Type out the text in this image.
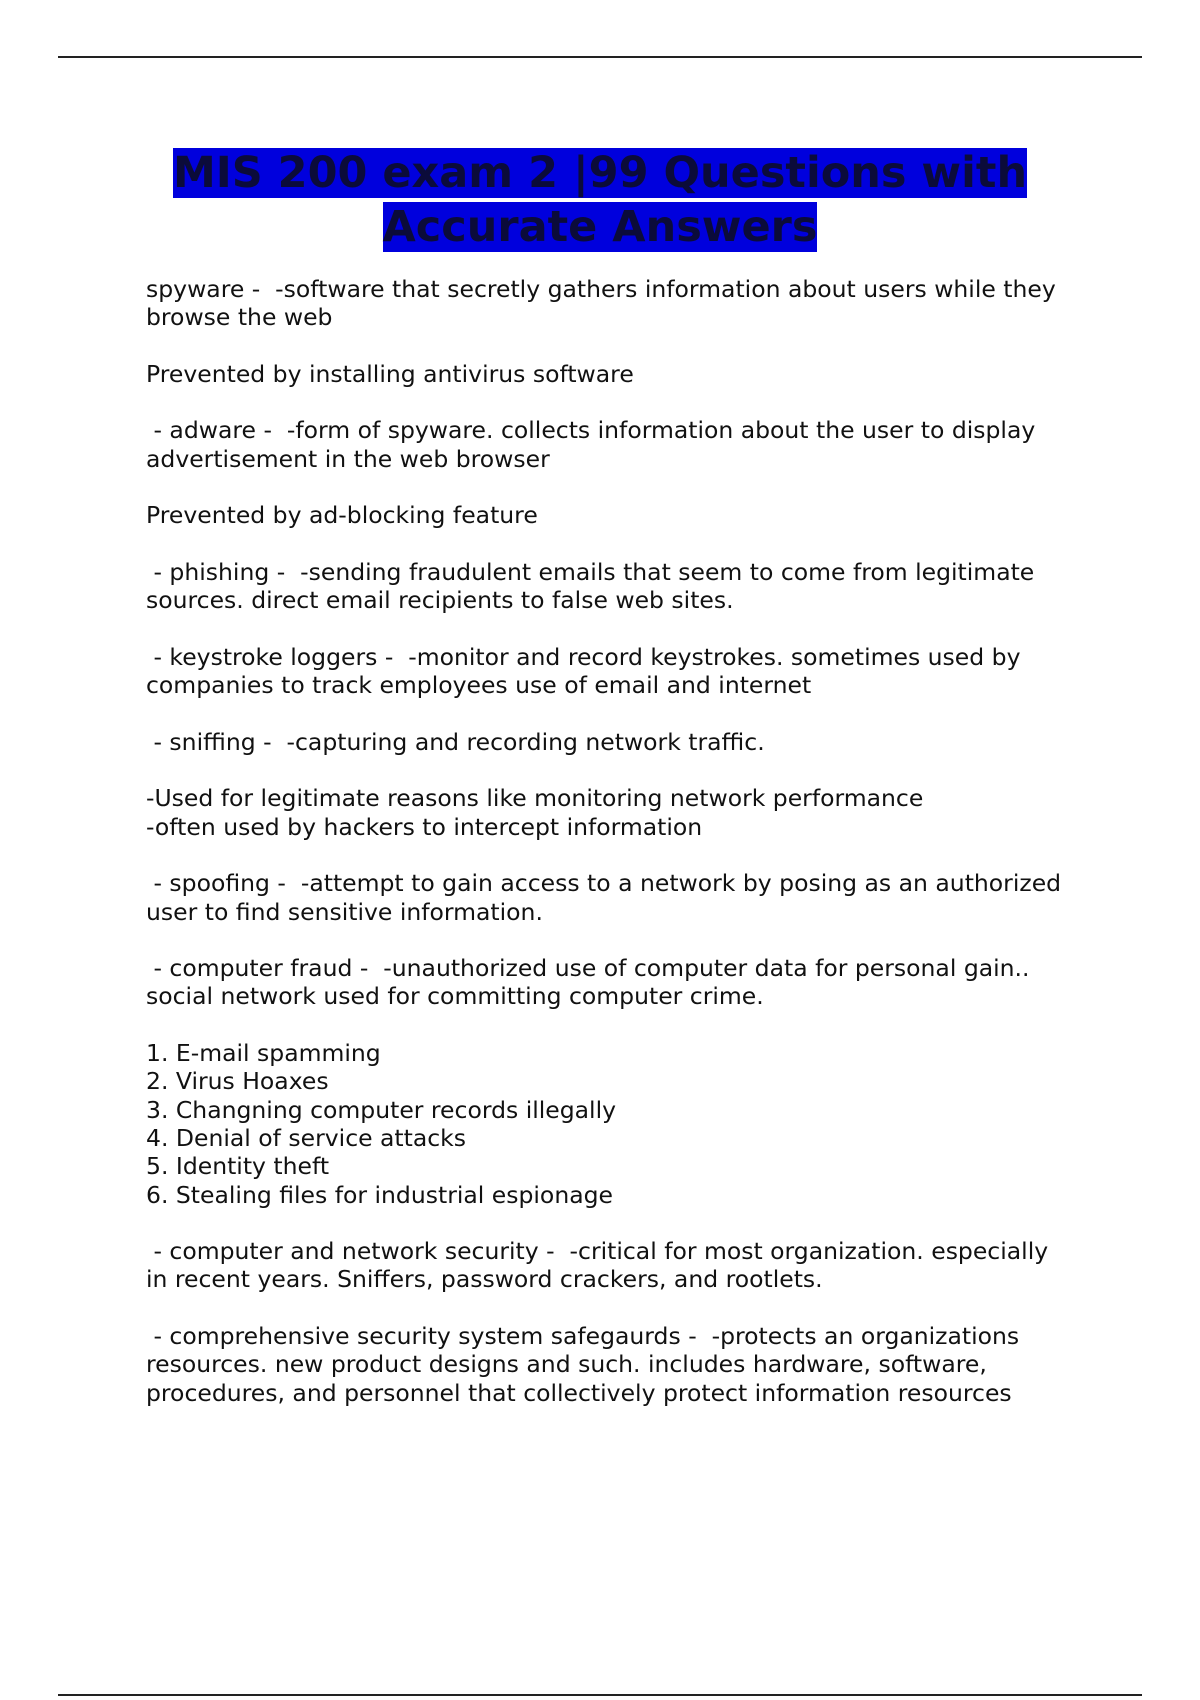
MIS 200 exam 2 |99 Questions with
Accurate Answers

spyware -  -software that secretly gathers information about users while they
browse the web

Prevented by installing antivirus software

- adware -  -form of spyware. collects information about the user to display
advertisement in the web browser

Prevented by ad-blocking feature

- phishing -  -sending fraudulent emails that seem to come from legitimate
sources. direct email recipients to false web sites.

- keystroke loggers -  -monitor and record keystrokes. sometimes used by
companies to track employees use of email and internet

- sniffing -  -capturing and recording network traffic.

-Used for legitimate reasons like monitoring network performance
-often used by hackers to intercept information

- spoofing -  -attempt to gain access to a network by posing as an authorized
user to find sensitive information.

- computer fraud -  -unauthorized use of computer data for personal gain..
social network used for committing computer crime.

1. E-mail spamming
2. Virus Hoaxes
3. Changning computer records illegally
4. Denial of service attacks
5. Identity theft
6. Stealing files for industrial espionage

- computer and network security -  -critical for most organization. especially
in recent years. Sniffers, password crackers, and rootlets.

- comprehensive security system safegaurds -  -protects an organizations
resources. new product designs and such. includes hardware, software,
procedures, and personnel that collectively protect information resources
